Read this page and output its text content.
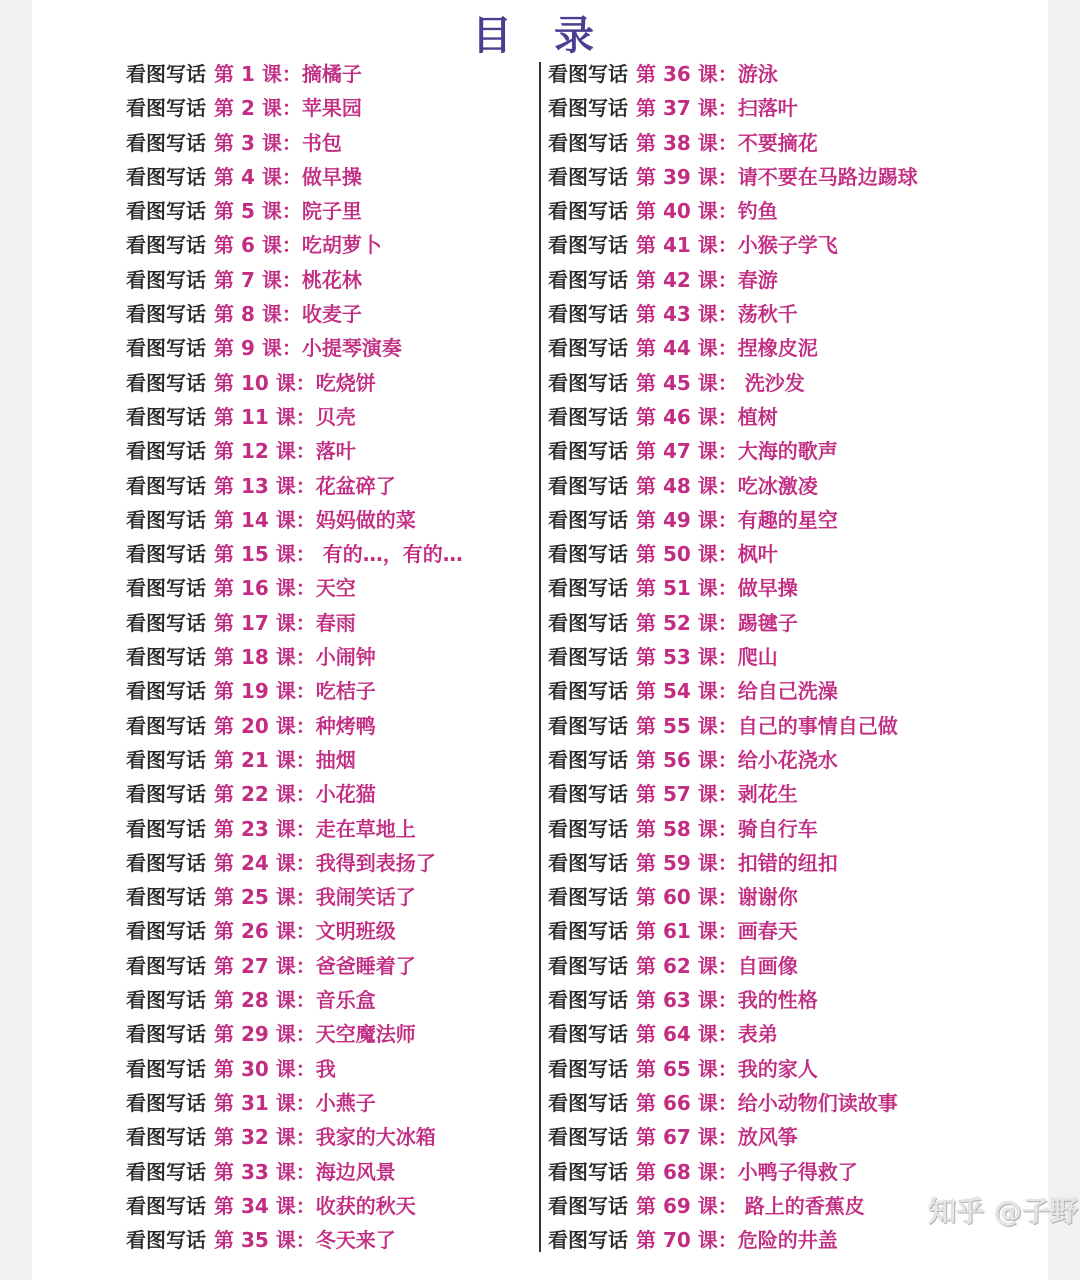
目 录
看图写话 第 1 课：摘橘子
看图写话 第 2 课：苹果园
看图写话 第 3 课：书包
看图写话 第 4 课：做早操
看图写话 第 5 课：院子里
看图写话 第 6 课：吃胡萝卜
看图写话 第 7 课：桃花林
看图写话 第 8 课：收麦子
看图写话 第 9 课：小提琴演奏
看图写话 第 10 课：吃烧饼
看图写话 第 11 课：贝壳
看图写话 第 12 课：落叶
看图写话 第 13 课：花盆碎了
看图写话 第 14 课：妈妈做的菜
看图写话 第 15 课： 有的…，有的…
看图写话 第 16 课：天空
看图写话 第 17 课：春雨
看图写话 第 18 课：小闹钟
看图写话 第 19 课：吃桔子
看图写话 第 20 课：种烤鸭
看图写话 第 21 课：抽烟
看图写话 第 22 课：小花猫
看图写话 第 23 课：走在草地上
看图写话 第 24 课：我得到表扬了
看图写话 第 25 课：我闹笑话了
看图写话 第 26 课：文明班级
看图写话 第 27 课：爸爸睡着了
看图写话 第 28 课：音乐盒
看图写话 第 29 课：天空魔法师
看图写话 第 30 课：我
看图写话 第 31 课：小燕子
看图写话 第 32 课：我家的大冰箱
看图写话 第 33 课：海边风景
看图写话 第 34 课：收获的秋天
看图写话 第 35 课：冬天来了
看图写话 第 36 课：游泳
看图写话 第 37 课：扫落叶
看图写话 第 38 课：不要摘花
看图写话 第 39 课：请不要在马路边踢球
看图写话 第 40 课：钓鱼
看图写话 第 41 课：小猴子学飞
看图写话 第 42 课：春游
看图写话 第 43 课：荡秋千
看图写话 第 44 课：捏橡皮泥
看图写话 第 45 课： 洗沙发
看图写话 第 46 课：植树
看图写话 第 47 课：大海的歌声
看图写话 第 48 课：吃冰激凌
看图写话 第 49 课：有趣的星空
看图写话 第 50 课：枫叶
看图写话 第 51 课：做早操
看图写话 第 52 课：踢毽子
看图写话 第 53 课：爬山
看图写话 第 54 课：给自己洗澡
看图写话 第 55 课：自己的事情自己做
看图写话 第 56 课：给小花浇水
看图写话 第 57 课：剥花生
看图写话 第 58 课：骑自行车
看图写话 第 59 课：扣错的纽扣
看图写话 第 60 课：谢谢你
看图写话 第 61 课：画春天
看图写话 第 62 课：自画像
看图写话 第 63 课：我的性格
看图写话 第 64 课：表弟
看图写话 第 65 课：我的家人
看图写话 第 66 课：给小动物们读故事
看图写话 第 67 课：放风筝
看图写话 第 68 课：小鸭子得救了
看图写话 第 69 课： 路上的香蕉皮
看图写话 第 70 课：危险的井盖
知乎 @子野
